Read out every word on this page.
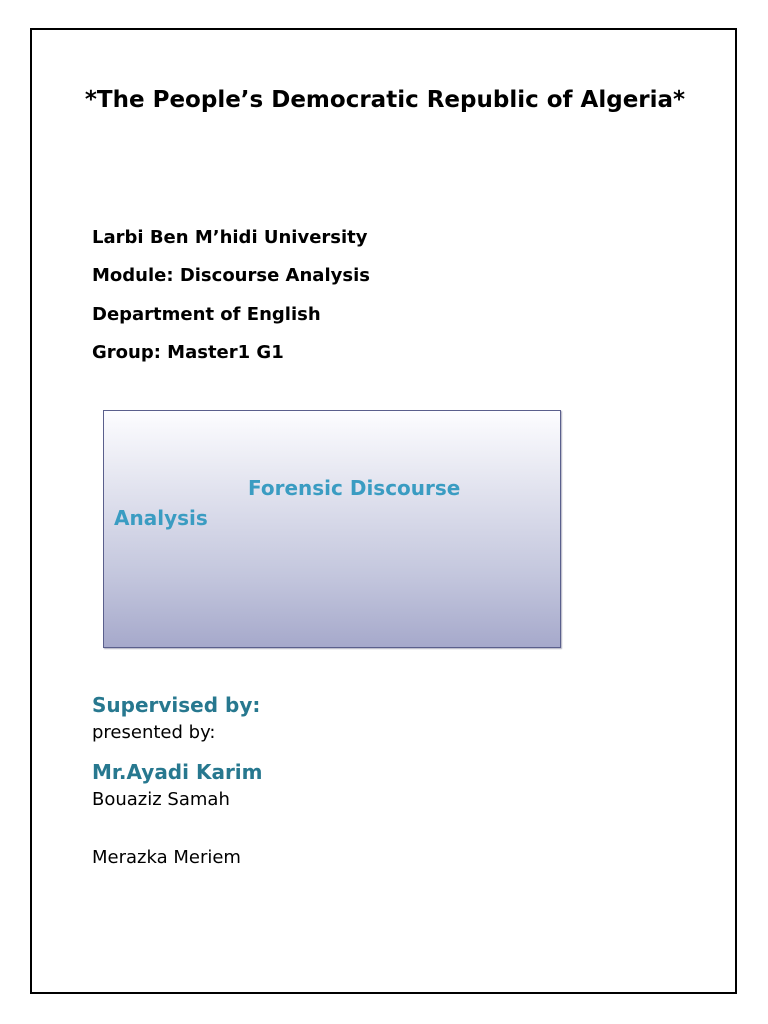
*The People’s Democratic Republic of Algeria*
Larbi Ben M’hidi University
Module: Discourse Analysis
Department of English
Group: Master1 G1
Forensic Discourse
Analysis
Supervised by:
presented by:
Mr.Ayadi Karim
Bouaziz Samah
Merazka Meriem
